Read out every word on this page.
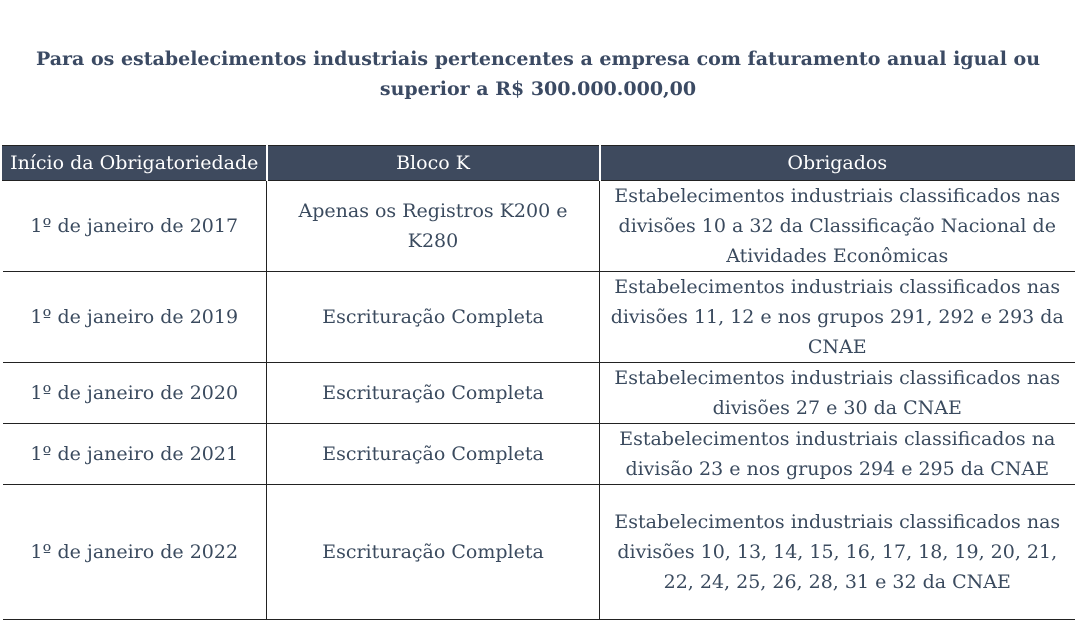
Para os estabelecimentos industriais pertencentes a empresa com faturamento anual igual ou
superior a R$ 300.000.000,00
Início da Obrigatoriedade	Bloco K	Obrigados
1º de janeiro de 2017	Apenas os Registros K200 e K280	Estabelecimentos industriais classificados nas divisões 10 a 32 da Classificação Nacional de Atividades Econômicas
1º de janeiro de 2019	Escrituração Completa	Estabelecimentos industriais classificados nas divisões 11, 12 e nos grupos 291, 292 e 293 da CNAE
1º de janeiro de 2020	Escrituração Completa	Estabelecimentos industriais classificados nas divisões 27 e 30 da CNAE
1º de janeiro de 2021	Escrituração Completa	Estabelecimentos industriais classificados na divisão 23 e nos grupos 294 e 295 da CNAE
1º de janeiro de 2022	Escrituração Completa	Estabelecimentos industriais classificados nas divisões 10, 13, 14, 15, 16, 17, 18, 19, 20, 21, 22, 24, 25, 26, 28, 31 e 32 da CNAE
